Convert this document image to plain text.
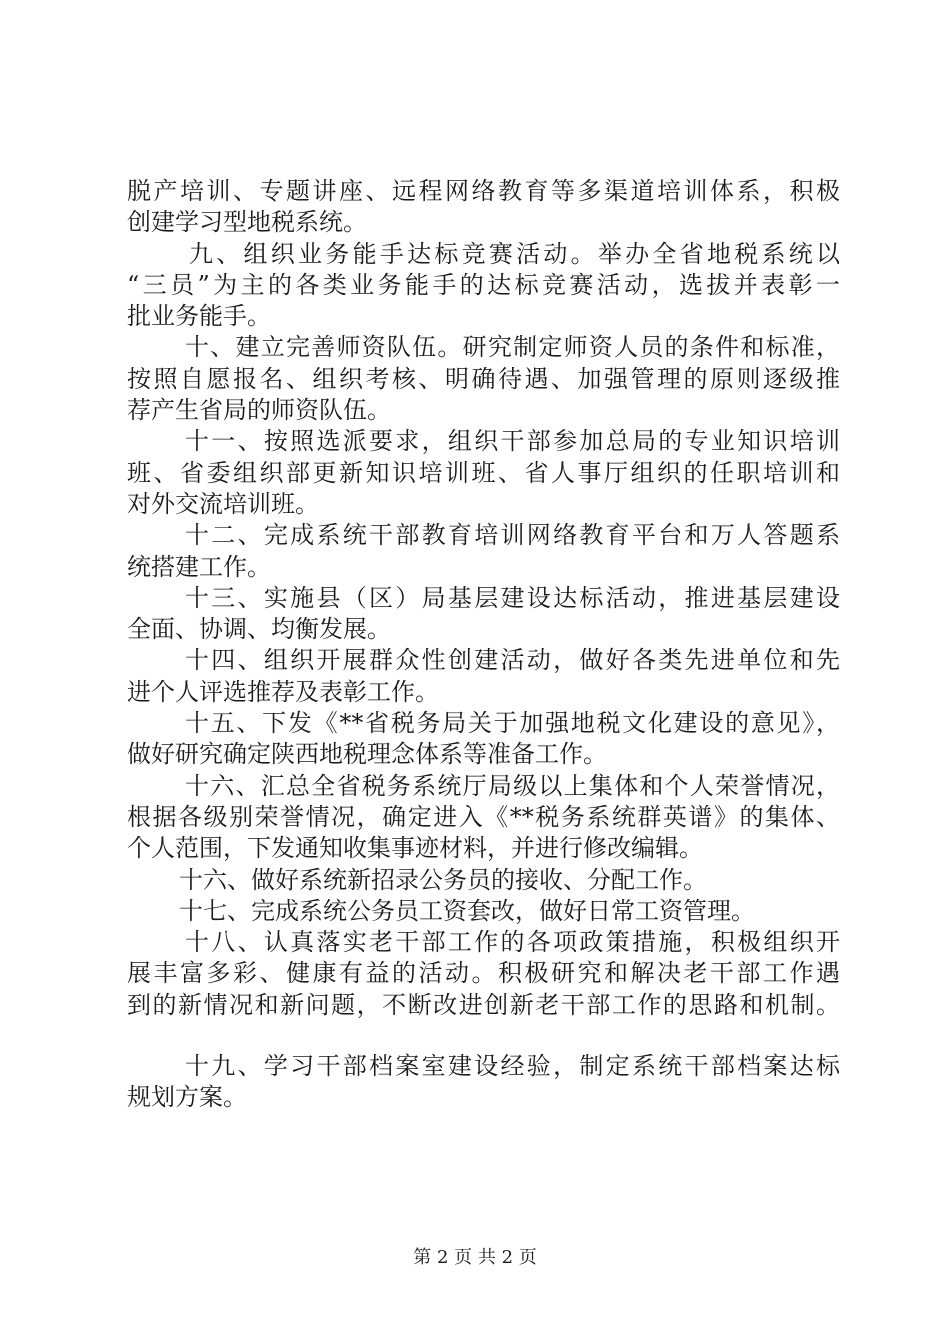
脱产培训、专题讲座、远程网络教育等多渠道培训体系，积极
创建学习型地税系统。
九、组织业务能手达标竞赛活动。举办全省地税系统以
“三员”为主的各类业务能手的达标竞赛活动，选拔并表彰一
批业务能手。
十、建立完善师资队伍。研究制定师资人员的条件和标准，
按照自愿报名、组织考核、明确待遇、加强管理的原则逐级推
荐产生省局的师资队伍。
十一、按照选派要求，组织干部参加总局的专业知识培训
班、省委组织部更新知识培训班、省人事厅组织的任职培训和
对外交流培训班。
十二、完成系统干部教育培训网络教育平台和万人答题系
统搭建工作。
十三、实施县（区）局基层建设达标活动，推进基层建设
全面、协调、均衡发展。
十四、组织开展群众性创建活动，做好各类先进单位和先
进个人评选推荐及表彰工作。
十五、下发《**省税务局关于加强地税文化建设的意见》，
做好研究确定陕西地税理念体系等准备工作。
十六、汇总全省税务系统厅局级以上集体和个人荣誉情况，
根据各级别荣誉情况，确定进入《**税务系统群英谱》的集体、
个人范围，下发通知收集事迹材料，并进行修改编辑。
十六、做好系统新招录公务员的接收、分配工作。
十七、完成系统公务员工资套改，做好日常工资管理。
十八、认真落实老干部工作的各项政策措施，积极组织开
展丰富多彩、健康有益的活动。积极研究和解决老干部工作遇
到的新情况和新问题，不断改进创新老干部工作的思路和机制。
十九、学习干部档案室建设经验，制定系统干部档案达标
规划方案。
第 2 页 共 2 页
